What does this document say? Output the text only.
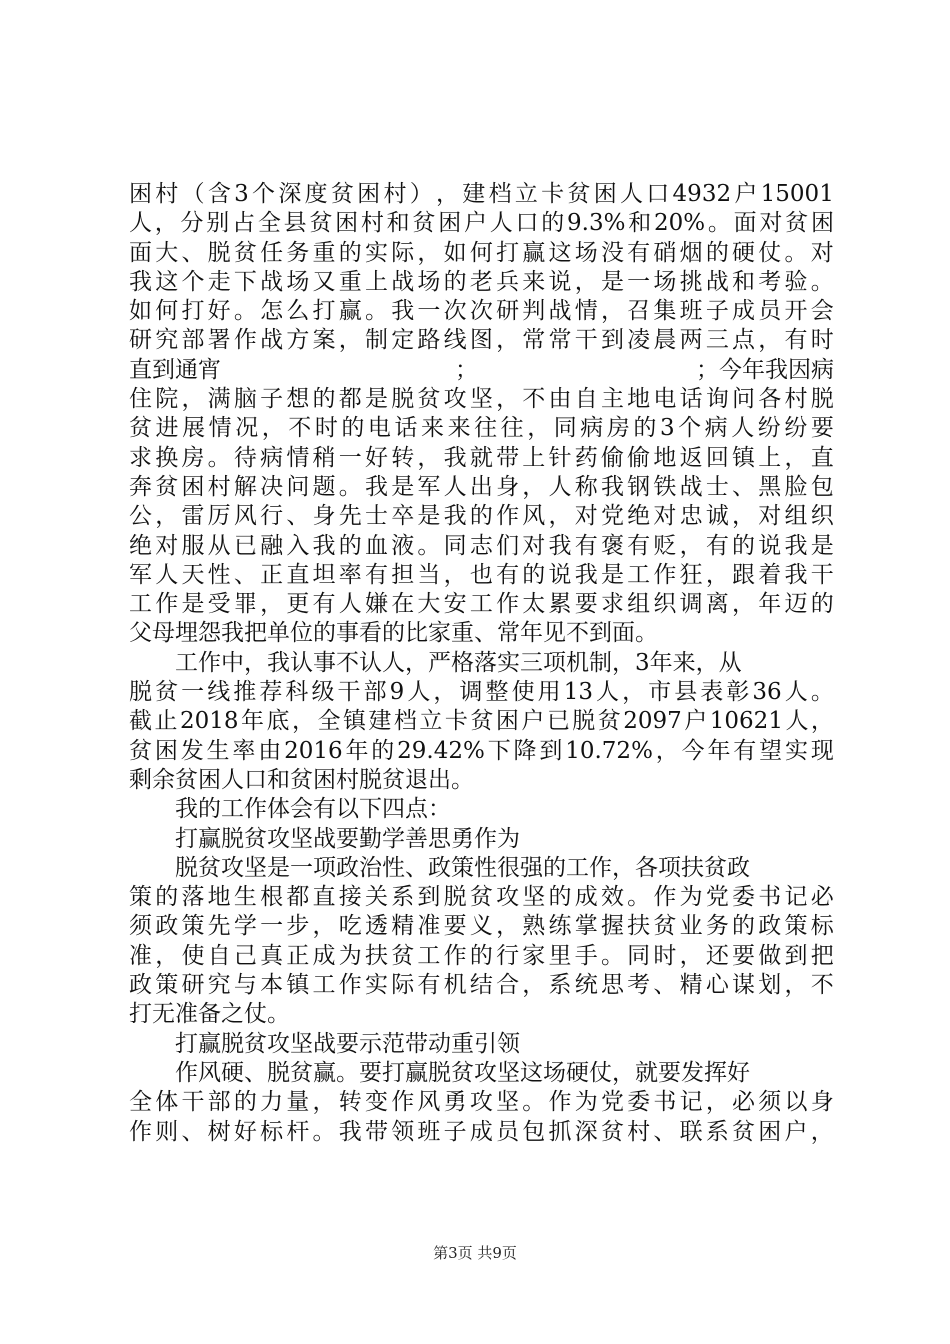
困 村 （ 含 3 个 深 度 贫 困 村 ） ， 建 档 立 卡 贫 困 人 口 4932 户 15001
人 ， 分 别 占 全 县 贫 困 村 和 贫 困 户 人 口 的 9.3% 和 20% 。 面 对 贫 困
面 大 、 脱 贫 任 务 重 的 实 际 ， 如 何 打 赢 这 场 没 有 硝 烟 的 硬 仗 。 对
我 这 个 走 下 战 场 又 重 上 战 场 的 老 兵 来 说 ， 是 一 场 挑 战 和 考 验 。
如 何 打 好 。 怎 么 打 赢 。 我 一 次 次 研 判 战 情 ， 召 集 班 子 成 员 开 会
研 究 部 署 作 战 方 案 ， 制 定 路 线 图 ， 常 常 干 到 凌 晨 两 三 点 ， 有 时
直到通宵	；	；今年我因病
住 院 ， 满 脑 子 想 的 都 是 脱 贫 攻 坚 ， 不 由 自 主 地 电 话 询 问 各 村 脱
贫 进 展 情 况 ， 不 时 的 电 话 来 来 往 往 ， 同 病 房 的 3 个 病 人 纷 纷 要
求 换 房 。 待 病 情 稍 一 好 转 ， 我 就 带 上 针 药 偷 偷 地 返 回 镇 上 ， 直
奔 贫 困 村 解 决 问 题 。 我 是 军 人 出 身 ， 人 称 我 钢 铁 战 士 、 黑 脸 包
公 ， 雷 厉 风 行 、 身 先 士 卒 是 我 的 作 风 ， 对 党 绝 对 忠 诚 ， 对 组 织
绝 对 服 从 已 融 入 我 的 血 液 。 同 志 们 对 我 有 褒 有 贬 ， 有 的 说 我 是
军 人 天 性 、 正 直 坦 率 有 担 当 ， 也 有 的 说 我 是 工 作 狂 ， 跟 着 我 干
工 作 是 受 罪 ， 更 有 人 嫌 在 大 安 工 作 太 累 要 求 组 织 调 离 ， 年 迈 的
父母埋怨我把单位的事看的比家重、常年见不到面。
工作中，我认事不认人，严格落实三项机制，3年来，从
脱 贫 一 线 推 荐 科 级 干 部 9 人 ， 调 整 使 用 13 人 ， 市 县 表 彰 36 人 。
截 止 2018 年 底 ， 全 镇 建 档 立 卡 贫 困 户 已 脱 贫 2097 户 10621 人 ，
贫 困 发 生 率 由 2016 年 的 29.42% 下 降 到 10.72% ， 今 年 有 望 实 现
剩余贫困人口和贫困村脱贫退出。
我的工作体会有以下四点：
打赢脱贫攻坚战要勤学善思勇作为
脱贫攻坚是一项政治性、政策性很强的工作，各项扶贫政
策 的 落 地 生 根 都 直 接 关 系 到 脱 贫 攻 坚 的 成 效 。 作 为 党 委 书 记 必
须 政 策 先 学 一 步 ， 吃 透 精 准 要 义 ， 熟 练 掌 握 扶 贫 业 务 的 政 策 标
准 ， 使 自 己 真 正 成 为 扶 贫 工 作 的 行 家 里 手 。 同 时 ， 还 要 做 到 把
政 策 研 究 与 本 镇 工 作 实 际 有 机 结 合 ， 系 统 思 考 、 精 心 谋 划 ， 不
打无准备之仗。
打赢脱贫攻坚战要示范带动重引领
作风硬、脱贫赢。要打赢脱贫攻坚这场硬仗，就要发挥好
全 体 干 部 的 力 量 ， 转 变 作 风 勇 攻 坚 。 作 为 党 委 书 记 ， 必 须 以 身
作 则 、 树 好 标 杆 。 我 带 领 班 子 成 员 包 抓 深 贫 村 、 联 系 贫 困 户 ，
第3页 共9页
